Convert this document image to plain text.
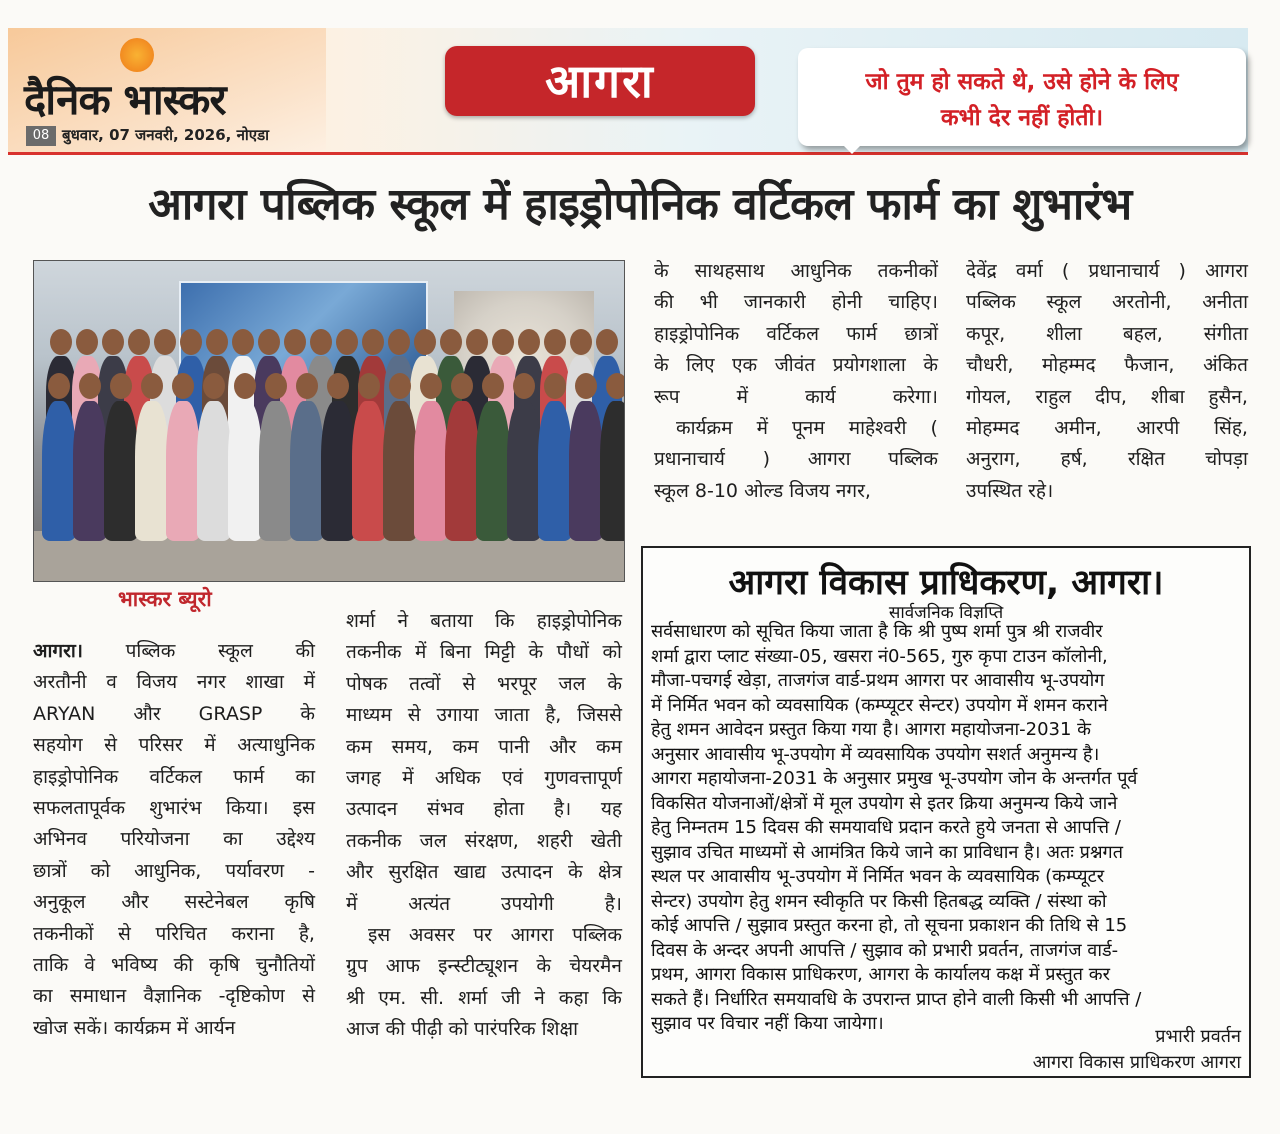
दैनिक भास्कर
08 बुधवार, 07 जनवरी, 2026, नोएडा
आगरा	जो तुम हो सकते थे, उसे होने के लिए
कभी देर नहीं होती।
आगरा पब्लिक स्कूल में हाइड्रोपोनिक वर्टिकल फार्म का शुभारंभ
भास्कर ब्यूरो
आगरा। पब्लिक स्कूल की
अरतौनी व विजय नगर शाखा में
ARYAN और GRASP के
सहयोग से परिसर में अत्याधुनिक
हाइड्रोपोनिक वर्टिकल फार्म का
सफलतापूर्वक शुभारंभ किया। इस
अभिनव परियोजना का उद्देश्य
छात्रों को आधुनिक, पर्यावरण -
अनुकूल और सस्टेनेबल कृषि
तकनीकों से परिचित कराना है,
ताकि वे भविष्य की कृषि चुनौतियों
का समाधान वैज्ञानिक -दृष्टिकोण से
खोज सकें। कार्यक्रम में आर्यन
शर्मा ने बताया कि हाइड्रोपोनिक
तकनीक में बिना मिट्टी के पौधों को
पोषक तत्वों से भरपूर जल के
माध्यम से उगाया जाता है, जिससे
कम समय, कम पानी और कम
जगह में अधिक एवं गुणवत्तापूर्ण
उत्पादन संभव होता है। यह
तकनीक जल संरक्षण, शहरी खेती
और सुरक्षित खाद्य उत्पादन के क्षेत्र
में	अत्यंत	उपयोगी	है।
इस अवसर पर आगरा पब्लिक
ग्रुप आफ इन्स्टीट्यूशन के चेयरमैन
श्री एम. सी. शर्मा जी ने कहा कि
आज की पीढ़ी को पारंपरिक शिक्षा
के साथहसाथ आधुनिक तकनीकों
की भी जानकारी होनी चाहिए।
हाइड्रोपोनिक वर्टिकल फार्म छात्रों
के लिए एक जीवंत प्रयोगशाला के
रूप	में	कार्य	करेगा।
कार्यक्रम में पूनम माहेश्वरी (
प्रधानाचार्य ) आगरा पब्लिक
स्कूल 8-10 ओल्ड विजय नगर,
देवेंद्र वर्मा ( प्रधानाचार्य ) आगरा
पब्लिक स्कूल अरतोनी, अनीता
कपूर, शीला बहल, संगीता
चौधरी, मोहम्मद फैजान, अंकित
गोयल, राहुल दीप, शीबा हुसैन,
मोहम्मद अमीन, आरपी सिंह,
अनुराग, हर्ष, रक्षित चोपड़ा
उपस्थित रहे।
आगरा विकास प्राधिकरण, आगरा।
सार्वजनिक विज्ञप्ति
सर्वसाधारण को सूचित किया जाता है कि श्री पुष्प शर्मा पुत्र श्री राजवीर
शर्मा द्वारा प्लाट संख्या-05, खसरा नं0-565, गुरु कृपा टाउन कॉलोनी,
मौजा-पचगई खेड़ा, ताजगंज वार्ड-प्रथम आगरा पर आवासीय भू-उपयोग
में निर्मित भवन को व्यवसायिक (कम्प्यूटर सेन्टर) उपयोग में शमन कराने
हेतु शमन आवेदन प्रस्तुत किया गया है। आगरा महायोजना-2031 के
अनुसार आवासीय भू-उपयोग में व्यवसायिक उपयोग सशर्त अनुमन्य है।
आगरा महायोजना-2031 के अनुसार प्रमुख भू-उपयोग जोन के अन्तर्गत पूर्व
विकसित योजनाओं/क्षेत्रों में मूल उपयोग से इतर क्रिया अनुमन्य किये जाने
हेतु निम्नतम 15 दिवस की समयावधि प्रदान करते हुये जनता से आपत्ति /
सुझाव उचित माध्यमों से आमंत्रित किये जाने का प्राविधान है। अतः प्रश्नगत
स्थल पर आवासीय भू-उपयोग में निर्मित भवन के व्यवसायिक (कम्प्यूटर
सेन्टर) उपयोग हेतु शमन स्वीकृति पर किसी हितबद्ध व्यक्ति / संस्था को
कोई आपत्ति / सुझाव प्रस्तुत करना हो, तो सूचना प्रकाशन की तिथि से 15
दिवस के अन्दर अपनी आपत्ति / सुझाव को प्रभारी प्रवर्तन, ताजगंज वार्ड-
प्रथम, आगरा विकास प्राधिकरण, आगरा के कार्यालय कक्ष में प्रस्तुत कर
सकते हैं। निर्धारित समयावधि के उपरान्त प्राप्त होने वाली किसी भी आपत्ति /
सुझाव पर विचार नहीं किया जायेगा।
प्रभारी प्रवर्तन
आगरा विकास प्राधिकरण आगरा
